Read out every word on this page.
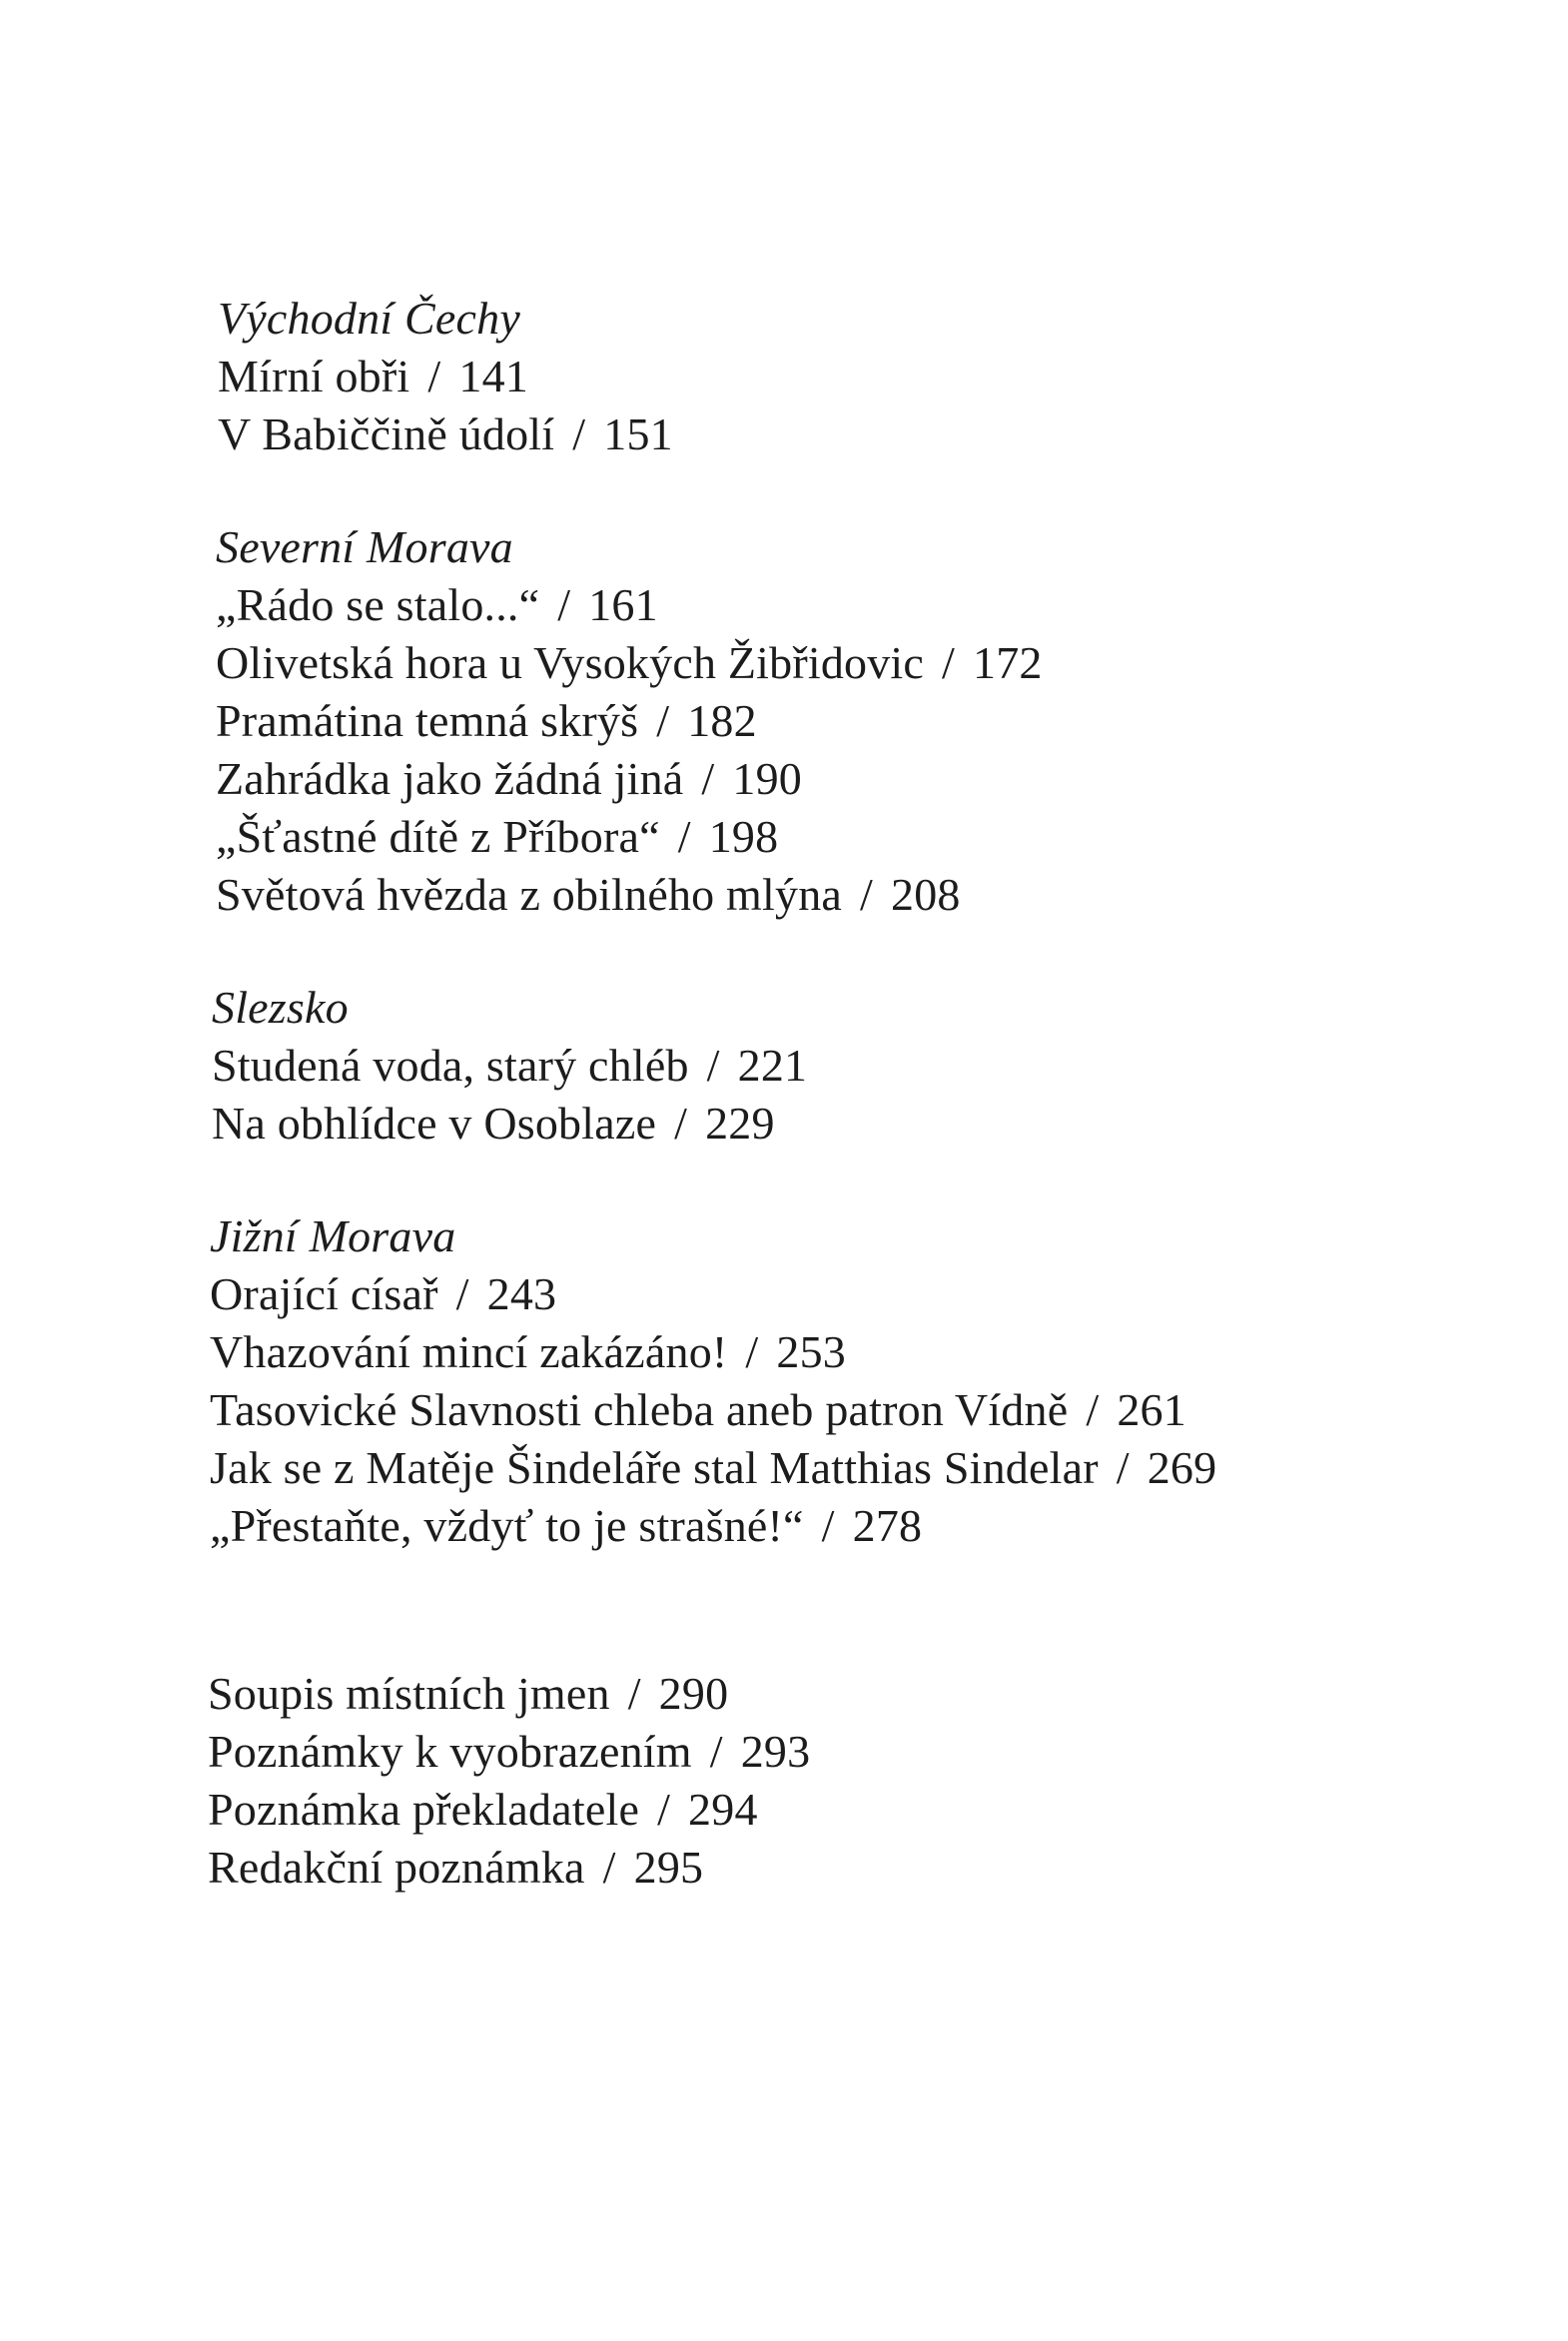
Východní Čechy
Mírní obři / 141
V Babiččině údolí / 151
Severní Morava
„Rádo se stalo...“ / 161
Olivetská hora u Vysokých Žibřidovic / 172
Pramátina temná skrýš / 182
Zahrádka jako žádná jiná / 190
„Šťastné dítě z Příbora“ / 198
Světová hvězda z obilného mlýna / 208
Slezsko
Studená voda, starý chléb / 221
Na obhlídce v Osoblaze / 229
Jižní Morava
Orající císař / 243
Vhazování mincí zakázáno! / 253
Tasovické Slavnosti chleba aneb patron Vídně / 261
Jak se z Matěje Šindeláře stal Matthias Sindelar / 269
„Přestaňte, vždyť to je strašné!“ / 278
Soupis místních jmen / 290
Poznámky k vyobrazením / 293
Poznámka překladatele / 294
Redakční poznámka / 295
